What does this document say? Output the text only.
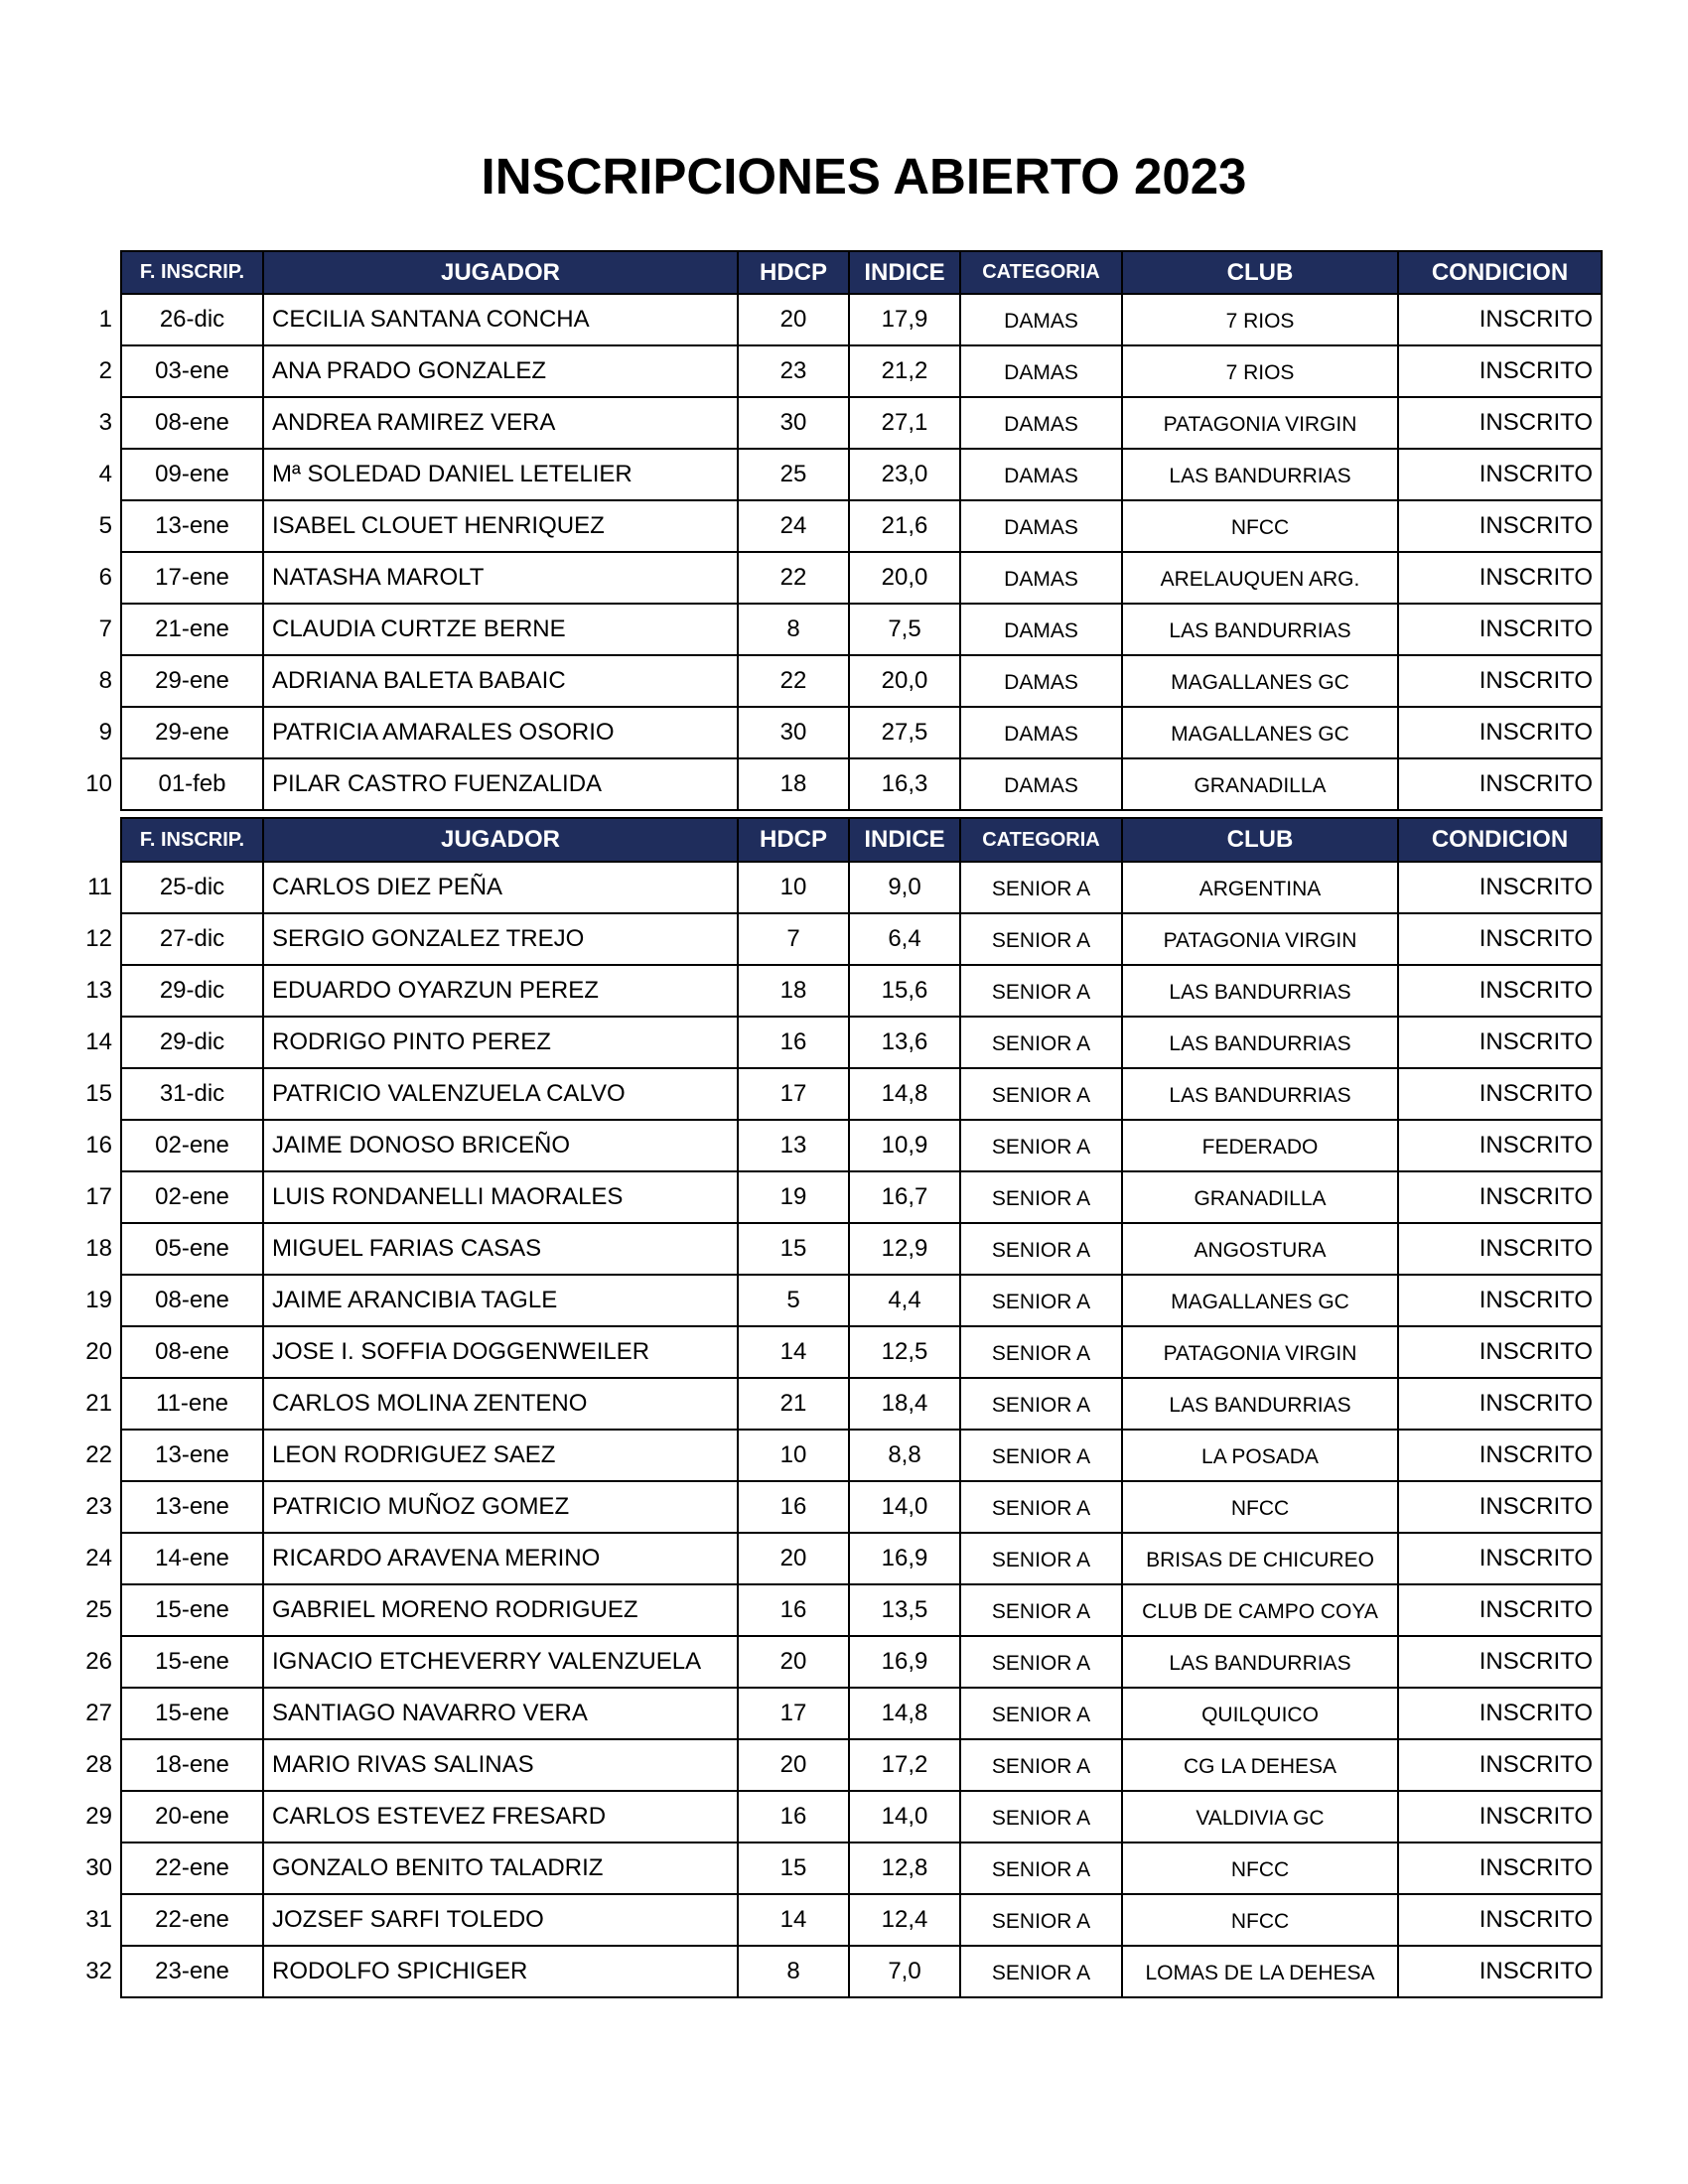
INSCRIPCIONES ABIERTO 2023
	F. INSCRIP.	JUGADOR	HDCP	INDICE	CATEGORIA	CLUB	CONDICION
1	26-dic	CECILIA SANTANA CONCHA	20	17,9	DAMAS	7 RIOS	INSCRITO
2	03-ene	ANA PRADO GONZALEZ	23	21,2	DAMAS	7 RIOS	INSCRITO
3	08-ene	ANDREA RAMIREZ VERA	30	27,1	DAMAS	PATAGONIA VIRGIN	INSCRITO
4	09-ene	Mª SOLEDAD DANIEL LETELIER	25	23,0	DAMAS	LAS BANDURRIAS	INSCRITO
5	13-ene	ISABEL CLOUET HENRIQUEZ	24	21,6	DAMAS	NFCC	INSCRITO
6	17-ene	NATASHA MAROLT	22	20,0	DAMAS	ARELAUQUEN ARG.	INSCRITO
7	21-ene	CLAUDIA CURTZE BERNE	8	7,5	DAMAS	LAS BANDURRIAS	INSCRITO
8	29-ene	ADRIANA BALETA BABAIC	22	20,0	DAMAS	MAGALLANES GC	INSCRITO
9	29-ene	PATRICIA AMARALES OSORIO	30	27,5	DAMAS	MAGALLANES GC	INSCRITO
10	01-feb	PILAR CASTRO FUENZALIDA	18	16,3	DAMAS	GRANADILLA	INSCRITO
	F. INSCRIP.	JUGADOR	HDCP	INDICE	CATEGORIA	CLUB	CONDICION
11	25-dic	CARLOS DIEZ PEÑA	10	9,0	SENIOR A	ARGENTINA	INSCRITO
12	27-dic	SERGIO GONZALEZ TREJO	7	6,4	SENIOR A	PATAGONIA VIRGIN	INSCRITO
13	29-dic	EDUARDO OYARZUN PEREZ	18	15,6	SENIOR A	LAS BANDURRIAS	INSCRITO
14	29-dic	RODRIGO PINTO PEREZ	16	13,6	SENIOR A	LAS BANDURRIAS	INSCRITO
15	31-dic	PATRICIO VALENZUELA CALVO	17	14,8	SENIOR A	LAS BANDURRIAS	INSCRITO
16	02-ene	JAIME DONOSO BRICEÑO	13	10,9	SENIOR A	FEDERADO	INSCRITO
17	02-ene	LUIS RONDANELLI MAORALES	19	16,7	SENIOR A	GRANADILLA	INSCRITO
18	05-ene	MIGUEL FARIAS CASAS	15	12,9	SENIOR A	ANGOSTURA	INSCRITO
19	08-ene	JAIME ARANCIBIA TAGLE	5	4,4	SENIOR A	MAGALLANES GC	INSCRITO
20	08-ene	JOSE I. SOFFIA DOGGENWEILER	14	12,5	SENIOR A	PATAGONIA VIRGIN	INSCRITO
21	11-ene	CARLOS MOLINA ZENTENO	21	18,4	SENIOR A	LAS BANDURRIAS	INSCRITO
22	13-ene	LEON RODRIGUEZ SAEZ	10	8,8	SENIOR A	LA POSADA	INSCRITO
23	13-ene	PATRICIO MUÑOZ GOMEZ	16	14,0	SENIOR A	NFCC	INSCRITO
24	14-ene	RICARDO ARAVENA MERINO	20	16,9	SENIOR A	BRISAS DE CHICUREO	INSCRITO
25	15-ene	GABRIEL MORENO RODRIGUEZ	16	13,5	SENIOR A	CLUB DE CAMPO COYA	INSCRITO
26	15-ene	IGNACIO ETCHEVERRY VALENZUELA	20	16,9	SENIOR A	LAS BANDURRIAS	INSCRITO
27	15-ene	SANTIAGO NAVARRO VERA	17	14,8	SENIOR A	QUILQUICO	INSCRITO
28	18-ene	MARIO RIVAS SALINAS	20	17,2	SENIOR A	CG LA DEHESA	INSCRITO
29	20-ene	CARLOS ESTEVEZ FRESARD	16	14,0	SENIOR A	VALDIVIA GC	INSCRITO
30	22-ene	GONZALO BENITO TALADRIZ	15	12,8	SENIOR A	NFCC	INSCRITO
31	22-ene	JOZSEF SARFI TOLEDO	14	12,4	SENIOR A	NFCC	INSCRITO
32	23-ene	RODOLFO SPICHIGER	8	7,0	SENIOR A	LOMAS DE LA DEHESA	INSCRITO
